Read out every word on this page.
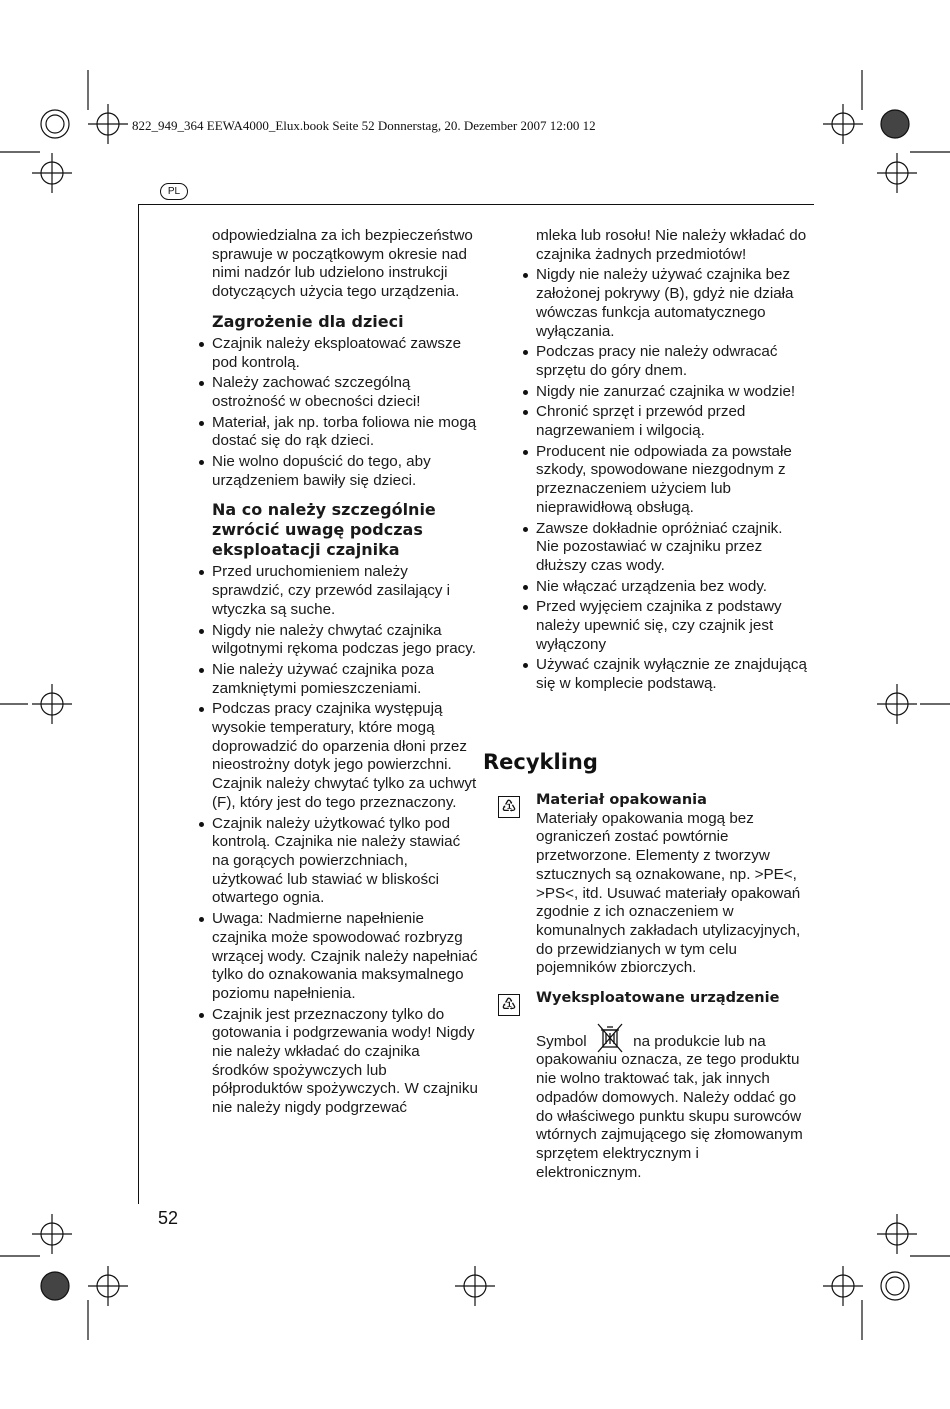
822_949_364 EEWA4000_Elux.book Seite 52 Donnerstag, 20. Dezember 2007 12:00 12
PL

odpowiedzialna za ich bezpieczeństwo sprawuje w początkowym okresie nad nimi nadzór lub udzielono instrukcji dotyczących użycia tego urządzenia.

Zagrożenie dla dzieci
Czajnik należy eksploatować zawsze pod kontrolą.
Należy zachować szczególną ostrożność w obecności dzieci!
Materiał, jak np. torba foliowa nie mogą dostać się do rąk dzieci.
Nie wolno dopuścić do tego, aby urządzeniem bawiły się dzieci.
Na co należy szczególnie zwrócić uwagę podczas eksploatacji czajnika
Przed uruchomieniem należy sprawdzić, czy przewód zasilający i wtyczka są suche.
Nigdy nie należy chwytać czajnika wilgotnymi rękoma podczas jego pracy.
Nie należy używać czajnika poza zamkniętymi pomieszczeniami.
Podczas pracy czajnika występują wysokie temperatury, które mogą doprowadzić do oparzenia dłoni przez nieostrożny dotyk jego powierzchni. Czajnik należy chwytać tylko za uchwyt (F), który jest do tego przeznaczony.
Czajnik należy użytkować tylko pod kontrolą. Czajnika nie należy stawiać na gorących powierzchniach, użytkować lub stawiać w bliskości otwartego ognia.
Uwaga: Nadmierne napełnienie czajnika może spowodować rozbryzg wrzącej wody. Czajnik należy napełniać tylko do oznakowania maksymalnego poziomu napełnienia.
Czajnik jest przeznaczony tylko do gotowania i podgrzewania wody! Nigdy nie należy wkładać do czajnika środków spożywczych lub półproduktów spożywczych. W czajniku nie należy nigdy podgrzewać

mleka lub rosołu! Nie należy wkładać do czajnika żadnych przedmiotów!

Nigdy nie należy używać czajnika bez założonej pokrywy (B), gdyż nie działa wówczas funkcja automatycznego wyłączania.
Podczas pracy nie należy odwracać sprzętu do góry dnem.
Nigdy nie zanurzać czajnika w wodzie!
Chronić sprzęt i przewód przed nagrzewaniem i wilgocią.
Producent nie odpowiada za powstałe szkody, spowodowane niezgodnym z przeznaczeniem użyciem lub nieprawidłową obsługą.
Zawsze dokładnie opróżniać czajnik. Nie pozostawiać w czajniku przez dłuższy czas wody.
Nie włączać urządzenia bez wody.
Przed wyjęciem czajnika z podstawy należy upewnić się, czy czajnik jest wyłączony
Używać czajnik wyłącznie ze znajdującą się w komplecie podstawą.
Recykling
♳ Materiał opakowania

Materiały opakowania mogą bez ograniczeń zostać powtórnie przetworzone. Elementy z tworzyw sztucznych są oznakowane, np. >PE<, >PS<, itd. Usuwać materiały opakowań zgodnie z ich oznaczeniem w komunalnych zakładach utylizacyjnych, do przewidzianych w tym celu pojemników zbiorczych.

♳ Wyeksploatowane urządzenie

Symbol	na produkcie lub na opakowaniu oznacza, ze tego produktu nie wolno traktować tak, jak innych odpadów domowych. Należy oddać go do właściwego punktu skupu surowców wtórnych zajmującego się złomowanym sprzętem elektrycznym i elektronicznym.

52
